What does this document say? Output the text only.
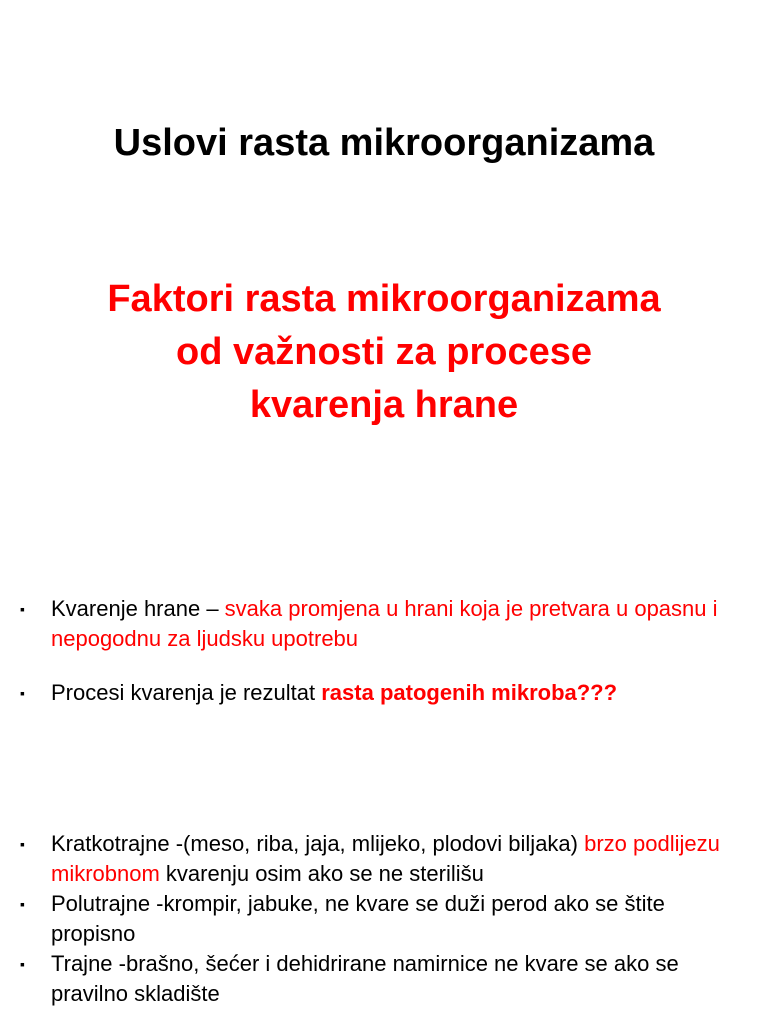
Uslovi rasta mikroorganizama
Faktori rasta mikroorganizama
od važnosti za procese
kvarenja hrane
▪	Kvarenje hrane – svaka promjena u hrani koja je pretvara u opasnu i nepogodnu za ljudsku upotrebu
▪	Procesi kvarenja je rezultat rasta patogenih mikroba???
▪	Kratkotrajne -(meso, riba, jaja, mlijeko, plodovi biljaka) brzo podlijezu mikrobnom kvarenju osim ako se ne sterilišu
▪	Polutrajne -krompir, jabuke, ne kvare se duži perod ako se štite propisno
▪	Trajne -brašno, šećer i dehidrirane namirnice ne kvare se ako se pravilno skladište
